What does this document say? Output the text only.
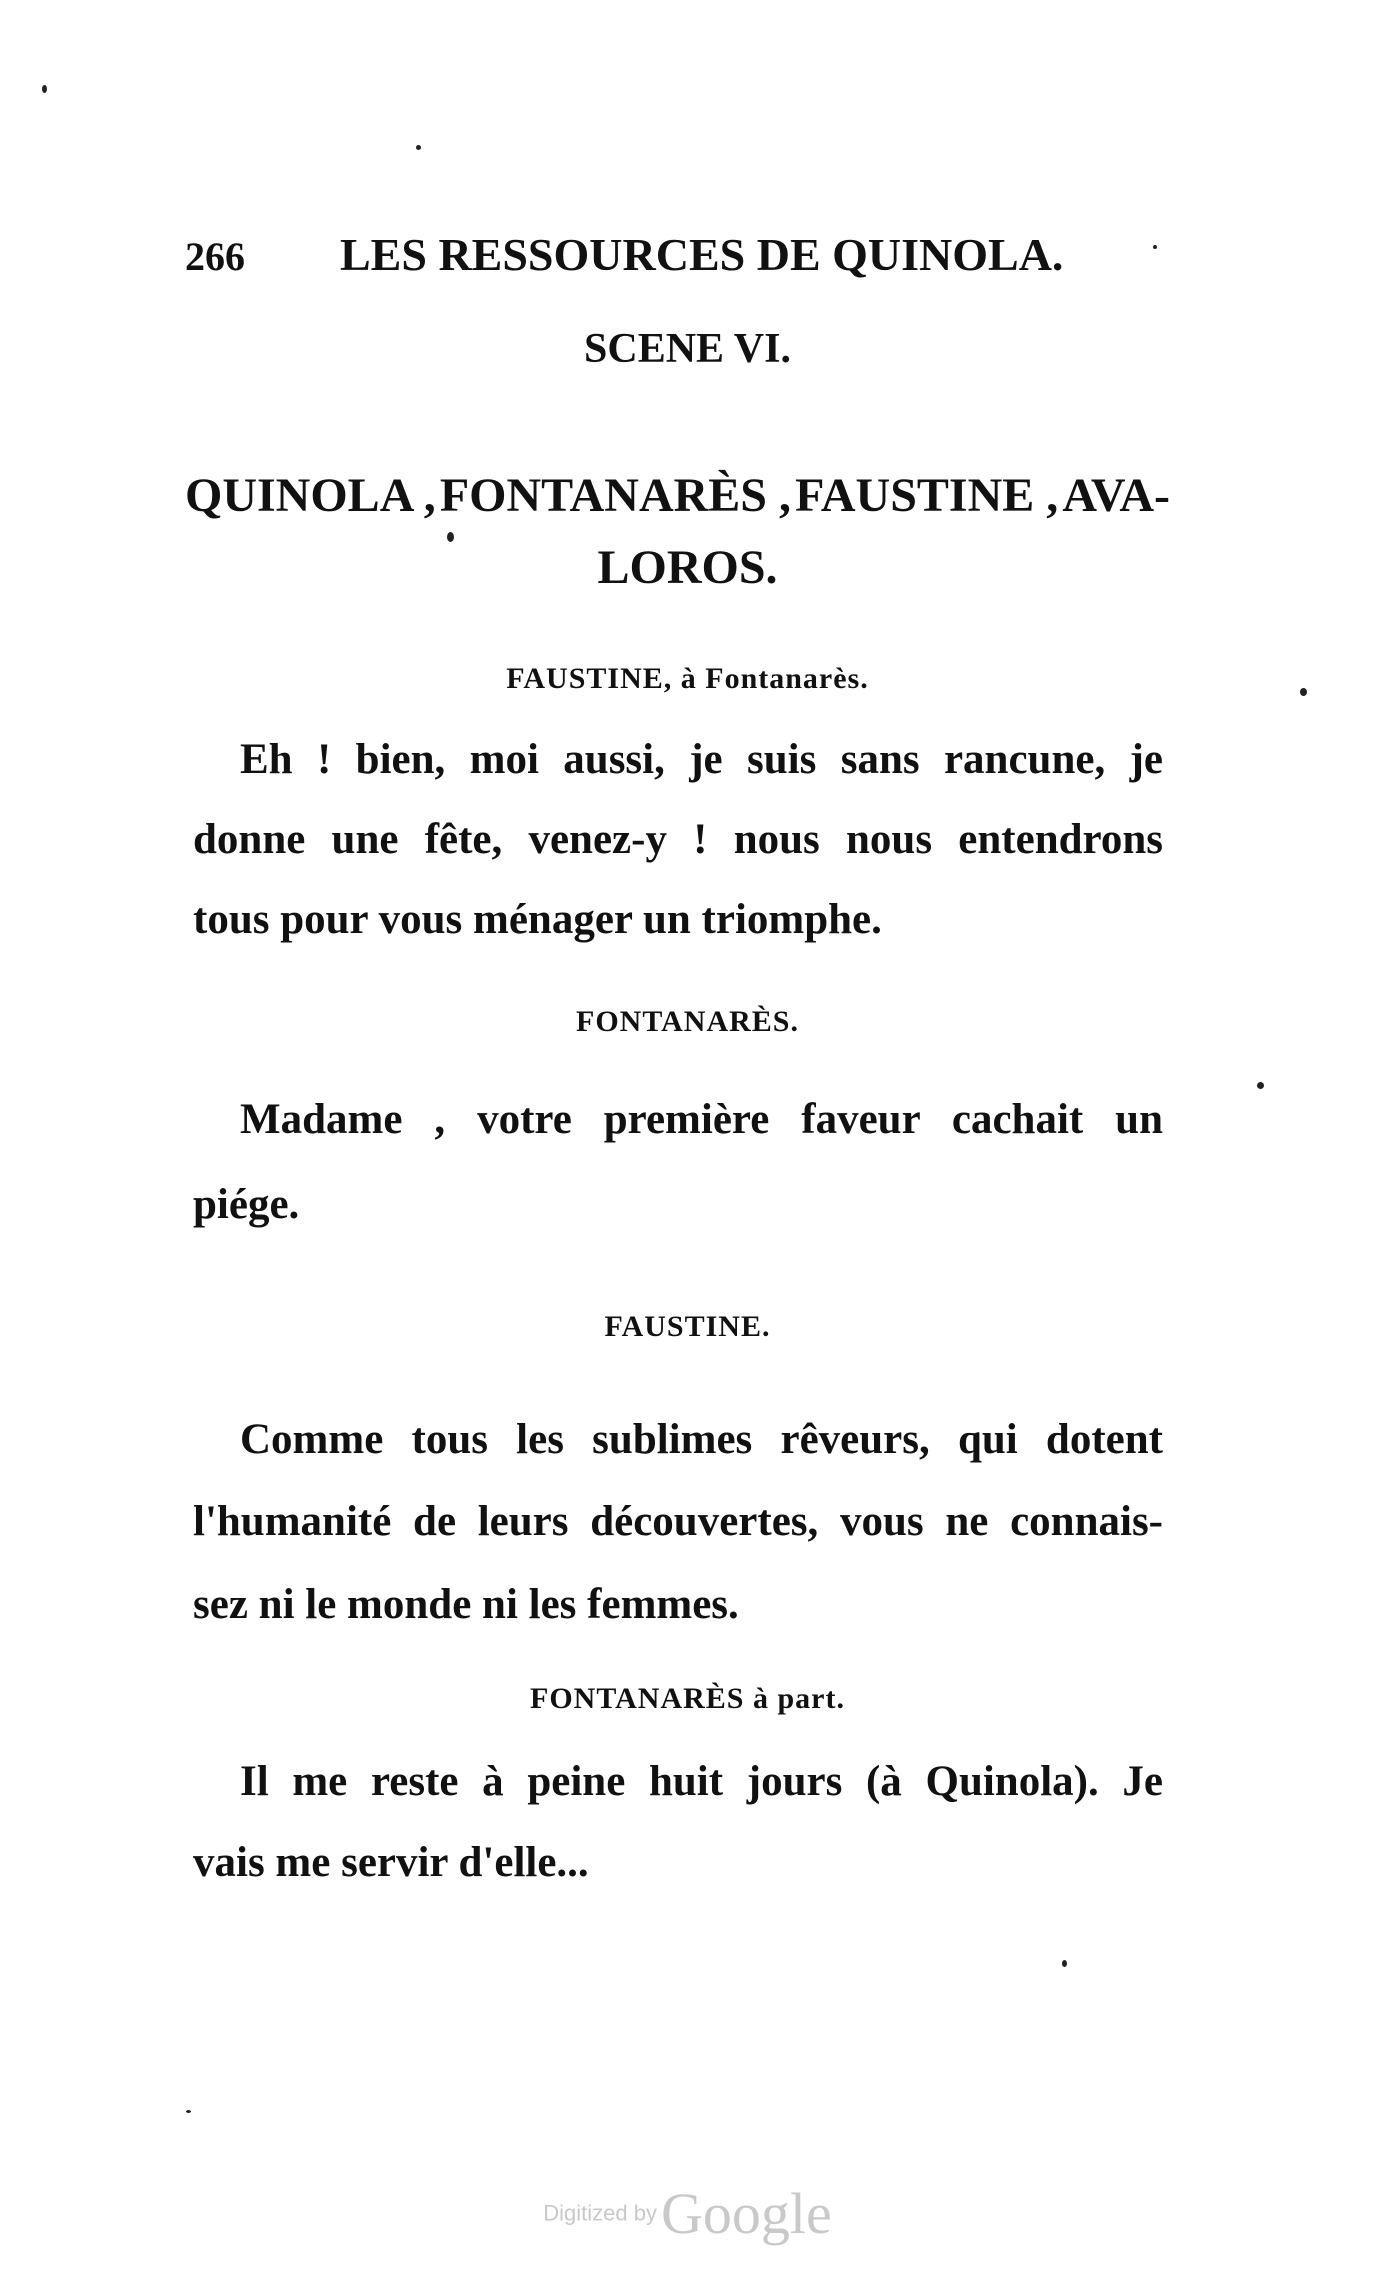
266 LES RESSOURCES DE QUINOLA.
SCENE VI.
QUINOLA , FONTANARÈS , FAUSTINE , AVA-
LOROS.
FAUSTINE, à Fontanarès.
Eh ! bien, moi aussi, je suis sans rancune, je
donne une fête, venez-y ! nous nous entendrons
tous pour vous ménager un triomphe.
FONTANARÈS.
Madame , votre première faveur cachait un
piége.
FAUSTINE.
Comme tous les sublimes rêveurs, qui dotent
l'humanité de leurs découvertes, vous ne connais-
sez ni le monde ni les femmes.
FONTANARÈS à part.
Il me reste à peine huit jours (à Quinola). Je
vais me servir d'elle...
Digitized byGoogle
